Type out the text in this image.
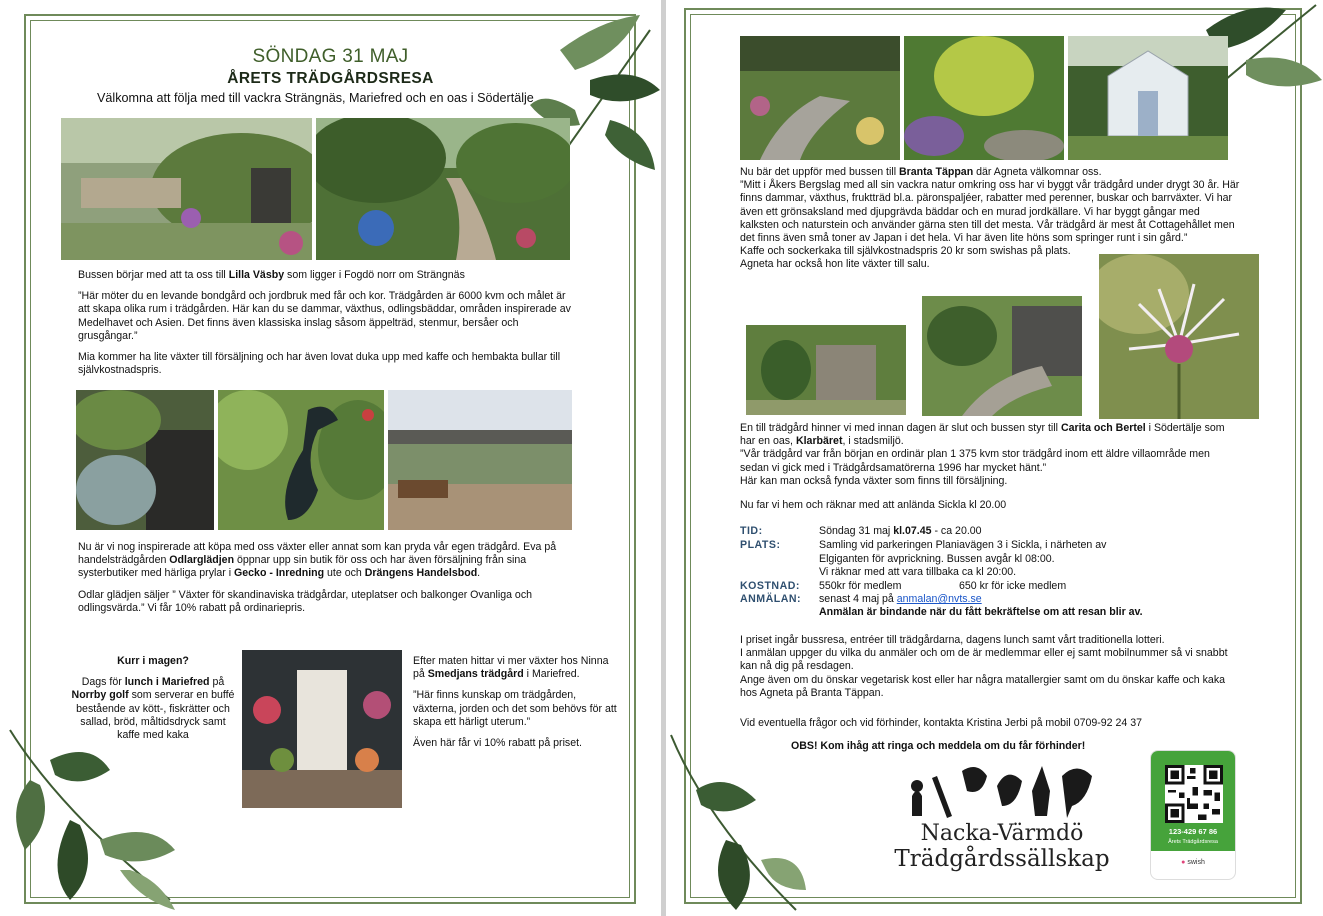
SÖNDAG 31 MAJ
ÅRETS TRÄDGÅRDSRESA
Välkomna att följa med till vackra Strängnäs, Mariefred och en oas i Södertälje

Bussen börjar med att ta oss till Lilla Väsby som ligger i Fogdö norr om Strängnäs

”Här möter du en levande bondgård och jordbruk med får och kor. Trädgården är 6000 kvm och målet är att skapa olika rum i trädgården. Här kan du se dammar, växthus, odlingsbäddar, områden inspirerade av Medelhavet och Asien. Det finns även klassiska inslag såsom äppelträd, stenmur, bersåer och grusgångar.”

Mia kommer ha lite växter till försäljning och har även lovat duka upp med kaffe och hembakta bullar till självkostnadspris.

Nu är vi nog inspirerade att köpa med oss växter eller annat som kan pryda vår egen trädgård. Eva på handelsträdgården Odlarglädjen öppnar upp sin butik för oss och har även försäljning från sina systerbutiker med härliga prylar i Gecko - Inredning ute och Drängens Handelsbod.

Odlar glädjen säljer ” Växter för skandinaviska trädgårdar, uteplatser och balkonger Ovanliga och odlingsvärda.” Vi får 10% rabatt på ordinariepris.

Kurr i magen?

Dags för lunch i Mariefred på Norrby golf som serverar en buffé bestående av kött-, fiskrätter och sallad, bröd, måltidsdryck samt kaffe med kaka

Efter maten hittar vi mer växter hos Ninna på Smedjans trädgård i Mariefred.

”Här finns kunskap om trädgården, växterna, jorden och det som behövs för att skapa ett härligt uterum.”

Även här får vi 10% rabatt på priset.

Nu bär det uppför med bussen till Branta Täppan där Agneta välkomnar oss.
”Mitt i Åkers Bergslag med all sin vackra natur omkring oss har vi byggt vår trädgård under drygt 30 år. Här finns dammar, växthus, fruktträd bl.a. päronspaljéer, rabatter med perenner, buskar och barrväxter. Vi har även ett grönsaksland med djupgrävda bäddar och en murad jordkällare. Vi har byggt gångar med kalksten och naturstein och använder gärna sten till det mesta. Vår trädgård är mest åt Cottagehållet men det finns även små toner av Japan i det hela. Vi har även lite höns som springer runt i sin gård.”
Kaffe och sockerkaka till självkostnadspris 20 kr som swishas på plats.
Agneta har också hon lite växter till salu.
En till trädgård hinner vi med innan dagen är slut och bussen styr till Carita och Bertel i Södertälje som har en oas, Klarbäret, i stadsmiljö.
”Vår trädgård var från början en ordinär plan 1 375 kvm stor trädgård inom ett äldre villaområde men sedan vi gick med i Trädgårdsamatörerna 1996 har mycket hänt.”
Här kan man också fynda växter som finns till försäljning.
Nu far vi hem och räknar med att anlända Sickla kl 20.00
TID:	Söndag 31 maj kl.07.45 - ca 20.00
PLATS:	Samling vid parkeringen Planiavägen 3 i Sickla, i närheten av
Elgiganten för avprickning. Bussen avgår kl 08:00.
Vi räknar med att vara tillbaka ca kl 20:00.
KOSTNAD: 550kr för medlem	650 kr för icke medlem
ANMÄLAN: senast 4 maj på anmalan@nvts.se
Anmälan är bindande när du fått bekräftelse om att resan blir av.
I priset ingår bussresa, entréer till trädgårdarna, dagens lunch samt vårt traditionella lotteri.
I anmälan uppger du vilka du anmäler och om de är medlemmar eller ej samt mobilnummer så vi snabbt kan nå dig på resdagen.
Ange även om du önskar vegetarisk kost eller har några matallergier samt om du önskar kaffe och kaka hos Agneta på Branta Täppan.
Vid eventuella frågor och vid förhinder, kontakta Kristina Jerbi på mobil 0709-92 24 37
OBS! Kom ihåg att ringa och meddela om du får förhinder!
Nacka-Värmdö
Trädgårdssällskap
123-429 67 86
Årets Trädgårdsresa
● swish
